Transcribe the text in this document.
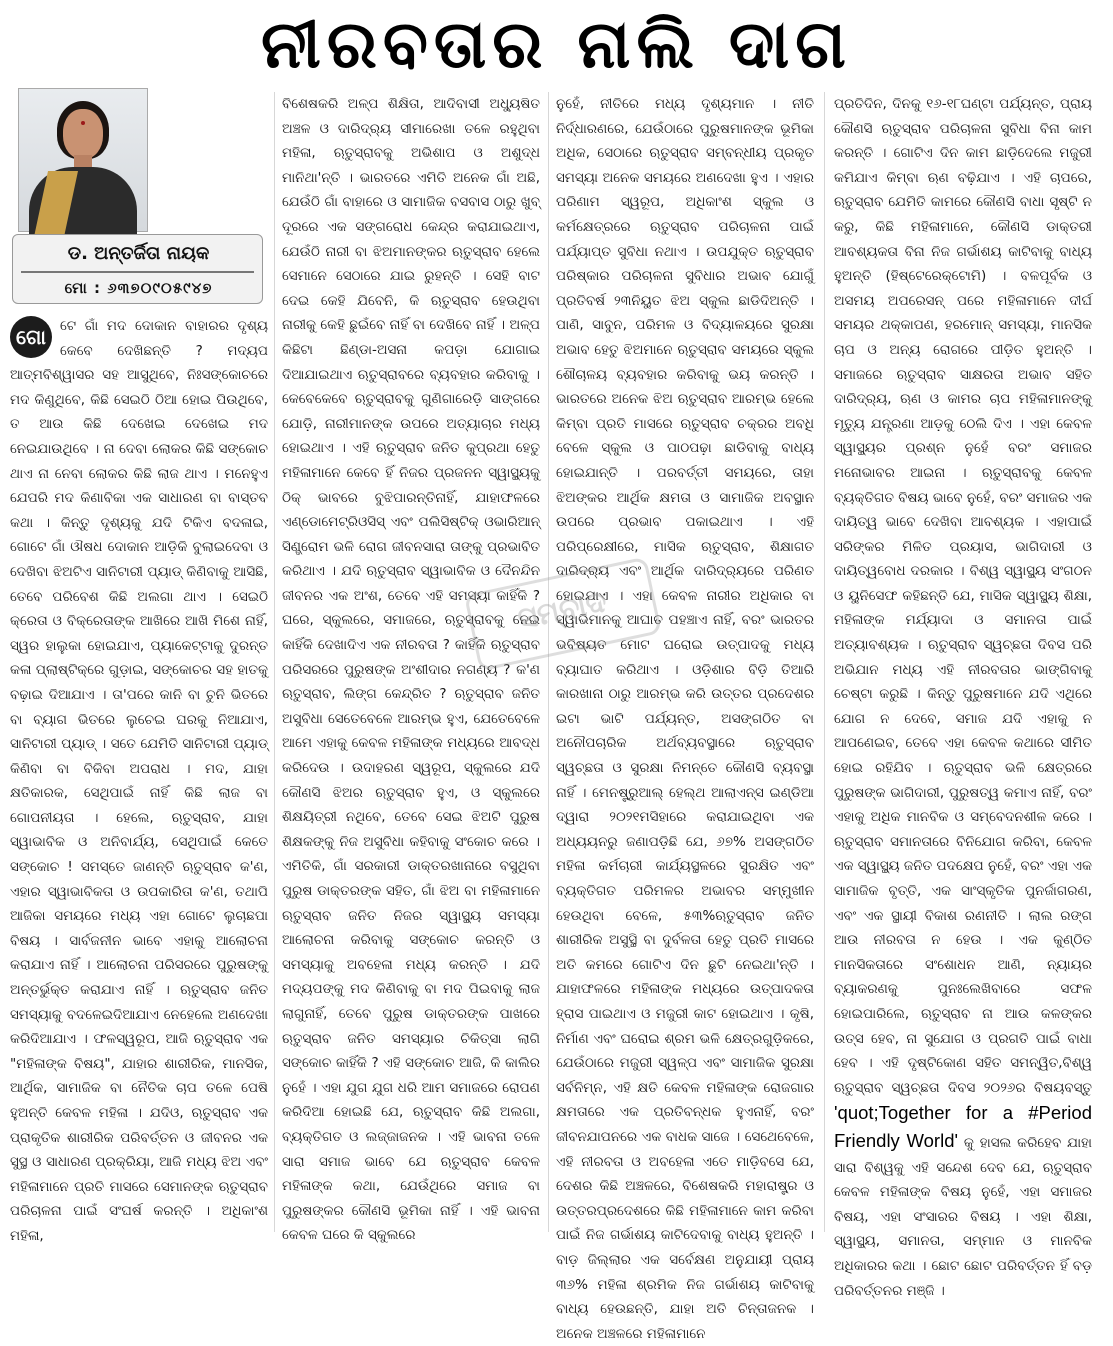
ନୀରବତାର ନାଲି ଦାଗ
ଡ. ଅନ୍ତର୍ଜିତା ନାୟକ
ମୋ : ୬୩୭୦୯୦୫୯୪୭
ଗୋ	ଟେ ଗାଁ ମଦ ଦୋକାନ ବାହାରର ଦୃଶ୍ୟ କେବେ ଦେଖିଛନ୍ତି ? ମଦ୍ୟପ ଆତ୍ମବିଶ୍ୱାସର ସହ ଆସୁଥିବେ, ନିଃସଙ୍କୋଚରେ ମଦ କିଣୁଥିବେ, କିଛି ସେଇଠି ଠିଆ ହୋଇ ପିଉଥିବେ, ତ ଆଉ କିଛି ଦେଖେଇ ଦେଖେଇ ମଦ ନେଇଯାଉଥିବେ । ନା ଦେବା ଲୋକର କିଛି ସଙ୍କୋଚ ଥାଏ ନା ନେବା ଲୋକର କିଛି ଲାଜ ଥାଏ । ମନେହୁଏ ଯେପରି ମଦ କିଣାବିକା ଏକ ସାଧାରଣ ବା ବାସ୍ତବ କଥା । କିନ୍ତୁ ଦୃଶ୍ୟକୁ ଯଦି ଟିକିଏ ବଦଳାଇ, ଗୋଟେ ଗାଁ ଔଷଧ ଦୋକାନ ଆଡ଼ିକି ବୁଲାଇଦେବା ଓ ଦେଖିବା ଝିଅଟିଏ ସାନିଟାରୀ ପ୍ୟାଡ୍ କିଣିବାକୁ ଆସିଛି, ତେବେ ପରିବେଶ କିଛି ଅଲଗା ଥାଏ । ସେଇଠି କ୍ରେତା ଓ ବିକ୍ରେତାଙ୍କ ଆଖିରେ ଆଖି ମିଶେ ନାହିଁ, ସ୍ୱର ହାଲୁକା ହୋଇଯାଏ, ପ୍ୟାକେଟ୍‌ଟାକୁ ଦୁରନ୍ତ କଳା ପ୍ଲାଷ୍ଟିକ୍‌ରେ ଗୁଡ଼ାଇ, ସଙ୍କୋଚର ସହ ହାତକୁ ବଢ଼ାଇ ଦିଆଯାଏ । ତା'ପରେ କାନି ବା ଚୁନି ଭିତରେ ବା ବ୍ୟାଗ ଭିତରେ ଲୁଚେଇ ଘରକୁ ନିଆଯାଏ, ସାନିଟାରୀ ପ୍ୟାଡ୍ । ସତେ ଯେମିତି ସାନିଟାରୀ ପ୍ୟାଡ୍ କିଣିବା ବା ବିକିବା ଅପରାଧ । ମଦ, ଯାହା କ୍ଷତିକାରକ, ସେଥିପାଇଁ ନାହିଁ କିଛି ଲାଜ ବା ଗୋପନୀୟତା । ହେଲେ, ଋତୁସ୍ରାବ, ଯାହା ସ୍ୱାଭାବିକ ଓ ଅନିବାର୍ଯ୍ୟ, ସେଥିପାଇଁ କେତେ ସଙ୍କୋଚ ! ସମସ୍ତେ ଜାଣନ୍ତି ଋତୁସ୍ରାବ କ'ଣ, ଏହାର ସ୍ୱାଭାବିକତା ଓ ଉପକାରିତା କ'ଣ, ତଥାପି ଆଜିକା ସମୟରେ ମଧ୍ୟ ଏହା ଗୋଟେ ଲୁଚାଛପା ବିଷୟ । ସାର୍ବଜନୀନ ଭାବେ ଏହାକୁ ଆଲୋଚନା କରାଯାଏ ନାହିଁ । ଆଲୋଚନା ପରିସରରେ ପୁରୁଷଙ୍କୁ ଅନ୍ତର୍ଭୁକ୍ତ କରାଯାଏ ନାହିଁ । ଋତୁସ୍ରାବ ଜନିତ ସମସ୍ୟାକୁ ବଦଳେଇଦିଆଯାଏ ନେହେଲେ ଅଣଦେଖା କରିଦିଆଯାଏ । ଫଳସ୍ୱରୂପ, ଆଜି ଋତୁସ୍ରାବ ଏକ "ମହିଳାଙ୍କ ବିଷୟ", ଯାହାର ଶାରୀରିକ, ମାନସିକ, ଆର୍ଥିକ, ସାମାଜିକ ବା ନୈତିକ ଚାପ ତଳେ ପେଷି ହୁଅନ୍ତି କେବଳ ମହିଳା । ଯଦିଓ, ଋତୁସ୍ରାବ ଏକ ପ୍ରାକୃତିକ ଶାରୀରିକ ପରିବର୍ତ୍ତନ ଓ ଜୀବନର ଏକ ସୁସ୍ଥ ଓ ସାଧାରଣ ପ୍ରକ୍ରିୟା, ଆଜି ମଧ୍ୟ ଝିଅ ଏବଂ ମହିଳାମାନେ ପ୍ରତି ମାସରେ ସେମାନଙ୍କ ଋତୁସ୍ରାବ ପରିଚାଳନା ପାଇଁ ସଂଘର୍ଷ କରନ୍ତି । ଅଧିକାଂଶ ମହିଳା,
ବିଶେଷକରି ଅଳ୍ପ ଶିକ୍ଷିତା, ଆଦିବାସୀ ଅଧ୍ୟୁଷିତ ଅଞ୍ଚଳ ଓ ଦାରିଦ୍ର୍ୟ ସୀମାରେଖା ତଳେ ରହୁଥିବା ମହିଳା, ଋତୁସ୍ରାବକୁ ଅଭିଶାପ ଓ ଅଶୁଦ୍ଧ ମାନିଥା'ନ୍ତି । ଭାରତରେ ଏମିତି ଅନେକ ଗାଁ ଅଛି, ଯେଉଁଠି ଗାଁ ବାହାରେ ଓ ସାମାଜିକ ବସବାସ ଠାରୁ ଖୁବ୍ ଦୂରରେ ଏକ ସଙ୍ଗରୋଧ କେନ୍ଦ୍ର କରାଯାଇଥାଏ, ଯେଉଁଠି ନାରୀ ବା ଝିଅମାନଙ୍କର ଋତୁସ୍ରାବ ହେଲେ ସେମାନେ ସେଠାରେ ଯାଇ ରୁହନ୍ତି । ସେହି ବାଟ ଦେଇ କେହି ଯିବେନି, କି ଋତୁସ୍ରାବ ହେଉଥିବା ନାରୀକୁ କେହି ଛୁଇଁବେ ନାହିଁ ବା ଦେଖିବେ ନାହିଁ । ଅଳ୍ପ କିଛିଟା ଛିଣ୍ଡା-ଅସନା କପଡ଼ା ଯୋଗାଇ ଦିଆଯାଇଥାଏ ଋତୁସ୍ରାବରେ ବ୍ୟବହାର କରିବାକୁ । କେବେକେବେ ଋତୁସ୍ରାବକୁ ଗୁଣିଗାରେଡ଼ି ସାଙ୍ଗରେ ଯୋଡ଼ି, ନାରୀମାନଙ୍କ ଉପରେ ଅତ୍ୟାଚାର ମଧ୍ୟ ହୋଇଥାଏ । ଏହି ଋତୁସ୍ରାବ ଜନିତ କୁପ୍ରଥା ହେତୁ ମହିଳାମାନେ କେବେ ହିଁ ନିଜର ପ୍ରଜନନ ସ୍ୱାସ୍ଥ୍ୟକୁ ଠିକ୍ ଭାବରେ ବୁଝିପାରନ୍ତିନାହିଁ, ଯାହାଫଳରେ ଏଣ୍ଡୋମେଟ୍ରିଓସିସ୍ ଏବଂ ପଲିସିଷ୍ଟିକ୍ ଓଭାରିଆନ୍ ସିଣ୍ଡ୍ରୋମ ଭଳି ରୋଗ ଜୀବନସାରା ତାଙ୍କୁ ପ୍ରଭାବିତ କରିଥାଏ । ଯଦି ଋତୁସ୍ରାବ ସ୍ୱାଭାବିକ ଓ ଦୈନନ୍ଦିନ ଜୀବନର ଏକ ଅଂଶ, ତେବେ ଏହି ସମସ୍ୟା କାହିଁକି ? ଘରେ, ସ୍କୁଲରେ, ସମାଜରେ, ଋତୁସ୍ରାବକୁ ନେଇ କାହିଁକି ଦେଖାଦିଏ ଏକ ନୀରବତା ? କାହିଁକି ଋତୁସ୍ରାବ ପରିସରରେ ପୁରୁଷଙ୍କ ଅଂଶୀଦାର ନଗଣ୍ୟ ? କ'ଣ ଋତୁସ୍ରାବ, ଲିଙ୍ଗ କେନ୍ଦ୍ରିତ ? ଋତୁସ୍ରାବ ଜନିତ ଅସୁବିଧା ସେତେବେଳେ ଆରମ୍ଭ ହୁଏ, ଯେତେବେଳେ ଆମେ ଏହାକୁ କେବଳ ମହିଳାଙ୍କ ମଧ୍ୟରେ ଆବଦ୍ଧ କରିଦେଉ । ଉଦାହରଣ ସ୍ୱରୂପ, ସ୍କୁଲରେ ଯଦି କୌଣସି ଝିଅର ଋତୁସ୍ରାବ ହୁଏ, ଓ ସ୍କୁଲରେ ଶିକ୍ଷୟିତ୍ରୀ ନଥିବେ, ତେବେ ସେଇ ଝିଅଟି ପୁରୁଷ ଶିକ୍ଷକଙ୍କୁ ନିଜ ଅସୁବିଧା କହିବାକୁ ସଂକୋଚ କରେ । ଏମିତିକି, ଗାଁ ସରକାରୀ ଡାକ୍ତରଖାନାରେ ବସୁଥିବା ପୁରୁଷ ଡାକ୍ତରଙ୍କ ସହିତ, ଗାଁ ଝିଅ ବା ମହିଳାମାନେ ଋତୁସ୍ରାବ ଜନିତ ନିଜର ସ୍ୱାସ୍ଥ୍ୟ ସମସ୍ୟା ଆଲୋଚନା କରିବାକୁ ସଙ୍କୋଚ କରନ୍ତି ଓ ସମସ୍ୟାକୁ ଅବହେଳା ମଧ୍ୟ କରନ୍ତି । ଯଦି ମଦ୍ୟପଙ୍କୁ ମଦ କିଣିବାକୁ ବା ମଦ ପିଇବାକୁ ଲାଜ ଲାଗୁନାହିଁ, ତେବେ ପୁରୁଷ ଡାକ୍ତରଙ୍କ ପାଖରେ ଋତୁସ୍ରାବ ଜନିତ ସମସ୍ୟାର ଚିକିତ୍ସା ଲାଗି ସଙ୍କୋଚ କାହିଁକି ? ଏହି ସଙ୍କୋଚ ଆଜି, କି କାଲିର ନୁହେଁ । ଏହା ଯୁଗ ଯୁଗ ଧରି ଆମ ସମାଜରେ ରୋପଣ କରିଦିଆ ହୋଇଛି ଯେ, ଋତୁସ୍ରାବ କିଛି ଅଲଗା, ବ୍ୟକ୍ତିଗତ ଓ ଲଜ୍ଜାଜନକ । ଏହି ଭାବନା ତଳେ ସାରା ସମାଜ ଭାବେ ଯେ ଋତୁସ୍ରାବ କେବଳ ମହିଳାଙ୍କ କଥା, ଯେଉଁଥିରେ ସମାଜ ବା ପୁରୁଷଙ୍କର କୌଣସି ଭୂମିକା ନାହିଁ । ଏହି ଭାବନା କେବଳ ଘରେ କି ସ୍କୁଲରେ
ନୁହେଁ, ନୀତିରେ ମଧ୍ୟ ଦୃଶ୍ୟମାନ । ନୀତି ନିର୍ଦ୍ଧାରଣରେ, ଯେଉଁଠାରେ ପୁରୁଷମାନଙ୍କ ଭୂମିକା ଅଧିକ, ସେଠାରେ ଋତୁସ୍ରାବ ସମ୍ବନ୍ଧୀୟ ପ୍ରକୃତ ସମସ୍ୟା ଅନେକ ସମୟରେ ଅଣଦେଖା ହୁଏ । ଏହାର ପରିଣାମ ସ୍ୱରୂପ, ଅଧିକାଂଶ ସ୍କୁଲ ଓ କର୍ମକ୍ଷେତ୍ରରେ ଋତୁସ୍ରାବ ପରିଚାଳନା ପାଇଁ ପର୍ଯ୍ୟାପ୍ତ ସୁବିଧା ନଥାଏ । ଉପଯୁକ୍ତ ଋତୁସ୍ରାବ ପରିଷ୍କାର ପରିଚାଳନା ସୁବିଧାର ଅଭାବ ଯୋଗୁଁ ପ୍ରତିବର୍ଷ ୨୩ନିୟୁତ ଝିଅ ସ୍କୁଲ ଛାଡିଦିଅନ୍ତି । ପାଣି, ସାବୁନ, ପରିମଳ ଓ ବିଦ୍ୟାଳୟରେ ସୁରକ୍ଷା ଅଭାବ ହେତୁ ଝିଅମାନେ ଋତୁସ୍ରାବ ସମୟରେ ସ୍କୁଲ ଶୌଚାଳୟ ବ୍ୟବହାର କରିବାକୁ ଭୟ କରନ୍ତି । ଭାରତରେ ଅନେକ ଝିଅ ଋତୁସ୍ରାବ ଆରମ୍ଭ ହେଲେ କିମ୍ବା ପ୍ରତି ମାସରେ ଋତୁସ୍ରାବ ଚକ୍ରର ଅବଧି ବେଳେ ସ୍କୁଲ ଓ ପାଠପଢ଼ା ଛାଡିବାକୁ ବାଧ୍ୟ ହୋଇଯାନ୍ତି । ପରବର୍ତ୍ତୀ ସମୟରେ, ତାହା ଝିଅଙ୍କର ଆର୍ଥିକ କ୍ଷମତା ଓ ସାମାଜିକ ଅବସ୍ଥାନ ଉପରେ ପ୍ରଭାବ ପକାଇଥାଏ । ଏହି ପରିପ୍ରେକ୍ଷୀରେ, ମାସିକ ଋତୁସ୍ରାବ, ଶିକ୍ଷାଗତ ଦାରିଦ୍ର୍ୟ ଏବଂ ଆର୍ଥିକ ଦାରିଦ୍ର୍ୟରେ ପରିଣତ ହୋଇଯାଏ । ଏହା କେବଳ ନାରୀର ଅଧିକାର ବା ସ୍ୱାଭିମାନକୁ ଆଘାତ ପହଞ୍ଚାଏ ନାହିଁ, ବରଂ ଭାରତର ଭବିଷ୍ୟତ ମୋଟ ଘରୋଇ ଉତ୍ପାଦକୁ ମଧ୍ୟ ବ୍ୟାଘାତ କରିଥାଏ । ଓଡ଼ିଶାର ବିଡ଼ି ତିଆରି କାରଖାନା ଠାରୁ ଆରମ୍ଭ କରି ଉତ୍ତର ପ୍ରଦେଶର ଇଟା ଭାଟି ପର୍ଯ୍ୟନ୍ତ, ଅସଙ୍ଗଠିତ ବା ଅନୌପଚାରିକ ଅର୍ଥବ୍ୟବସ୍ଥାରେ ଋତୁସ୍ରାବ ସ୍ୱଚ୍ଛତା ଓ ସୁରକ୍ଷା ନିମନ୍ତେ କୌଣସି ବ୍ୟବସ୍ଥା ନାହିଁ । ମେନଷ୍ଟ୍ରୁଆଲ୍ ହେଲ୍ଥ ଆଲାଏନ୍ସ ଇଣ୍ଡିଆ ଦ୍ୱାରା ୨୦୨୧ମସିହାରେ କରାଯାଇଥିବା ଏକ ଅଧ୍ୟୟନରୁ ଜଣାପଡ଼ିଛି ଯେ, ୬୭% ଅସଙ୍ଗଠିତ ମହିଳା କର୍ମଚାରୀ କାର୍ଯ୍ୟସ୍ଥଳରେ ସୁରକ୍ଷିତ ଏବଂ ବ୍ୟକ୍ତିଗତ ପରିମଳର ଅଭାବର ସମ୍ମୁଖୀନ ହେଉଥିବା ବେଳେ, ୫୩%ଋତୁସ୍ରାବ ଜନିତ ଶାରୀରିକ ଅସୁସ୍ଥି ବା ଦୁର୍ବଳତା ହେତୁ ପ୍ରତି ମାସରେ ଅତି କମରେ ଗୋଟିଏ ଦିନ ଛୁଟି ନେଇଥା'ନ୍ତି । ଯାହାଫଳରେ ମହିଳାଙ୍କ ମଧ୍ୟରେ ଉତ୍ପାଦକତା ହ୍ରାସ ପାଇଥାଏ ଓ ମଜୁରୀ କାଟ ହୋଇଥାଏ । କୃଷି, ନିର୍ମାଣ ଏବଂ ଘରୋଇ ଶ୍ରମ ଭଳି କ୍ଷେତ୍ରଗୁଡ଼ିକରେ, ଯେଉଁଠାରେ ମଜୁରୀ ସ୍ୱଳ୍ପ ଏବଂ ସାମାଜିକ ସୁରକ୍ଷା ସର୍ବନିମ୍ନ, ଏହି କ୍ଷତି କେବଳ ମହିଳାଙ୍କ ରୋଜଗାର କ୍ଷମତାରେ ଏକ ପ୍ରତିବନ୍ଧକ ହୁଏନାହିଁ, ବରଂ ଜୀବନଯାପନରେ ଏକ ବାଧକ ସାଜେ । ସେଥେବେଳେ, ଏହି ନୀରବତା ଓ ଅବହେଳା ଏତେ ମାଡ଼ିବସେ ଯେ, ଦେଶର କିଛି ଅଞ୍ଚଳରେ, ବିଶେଷକରି ମହାରାଷ୍ଟ୍ର ଓ ଉତ୍ତରପ୍ରଦେଶରେ କିଛି ମହିଳାମାନେ କାମ କରିବା ପାଇଁ ନିଜ ଗର୍ଭାଶୟ କାଟିଦେବାକୁ ବାଧ୍ୟ ହୁଅନ୍ତି । ବାଡ଼ ଜିଲ୍ଲାର ଏକ ସର୍ବେକ୍ଷଣ ଅନୁଯାୟୀ ପ୍ରାୟ ୩୬% ମହିଳା ଶ୍ରମିକ ନିଜ ଗର୍ଭାଶୟ କାଟିବାକୁ ବାଧ୍ୟ ହେଉଛନ୍ତି, ଯାହା ଅତି ଚିନ୍ତାଜନକ । ଅନେକ ଅଞ୍ଚଳରେ ମହିଳାମାନେ
ପ୍ରତିଦିନ, ଦିନକୁ ୧୬-୧୮ଘଣ୍ଟା ପର୍ଯ୍ୟନ୍ତ, ପ୍ରାୟ କୌଣସି ଋତୁସ୍ରାବ ପରିଚାଳନା ସୁବିଧା ବିନା କାମ କରନ୍ତି । ଗୋଟିଏ ଦିନ କାମ ଛାଡ଼ିଦେଲେ ମଜୁରୀ କମିଯାଏ କିମ୍ବା ଋଣ ବଢ଼ିଯାଏ । ଏହି ଚାପରେ, ଋତୁସ୍ରାବ ଯେମିତି କାମରେ କୌଣସି ବାଧା ସୃଷ୍ଟି ନ କରୁ, କିଛି ମହିଳାମାନେ, କୌଣସି ଡାକ୍ତରୀ ଆବଶ୍ୟକତା ବିନା ନିଜ ଗର୍ଭାଶୟ କାଟିବାକୁ ବାଧ୍ୟ ହୁଅନ୍ତି (ହିଷ୍ଟେରେକ୍ଟୋମି) । ବଳପୂର୍ବକ ଓ ଅସମୟ ଅପରେସନ୍ ପରେ ମହିଳାମାନେ ଦୀର୍ଘ ସମୟର ଥକ୍କାପଣ, ହରମୋନ୍ ସମସ୍ୟା, ମାନସିକ ଚାପ ଓ ଅନ୍ୟ ରୋଗରେ ପୀଡ଼ିତ ହୁଅନ୍ତି । ସମାଜରେ ଋତୁସ୍ରାବ ସାକ୍ଷରତା ଅଭାବ ସହିତ ଦାରିଦ୍ର୍ୟ, ଋଣ ଓ କାମର ଚାପ ମହିଳାମାନଙ୍କୁ ମୃତ୍ୟୁ ଯନ୍ତ୍ରଣା ଆଡ଼କୁ ଠେଲି ଦିଏ । ଏହା କେବଳ ସ୍ୱାସ୍ଥ୍ୟର ପ୍ରଶ୍ନ ନୁହେଁ ବରଂ ସମାଜର ମନୋଭାବର ଆଇନା । ଋତୁସ୍ରାବକୁ କେବଳ ବ୍ୟକ୍ତିଗତ ବିଷୟ ଭାବେ ନୁହେଁ, ବରଂ ସମାଜର ଏକ ଦାୟିତ୍ୱ ଭାବେ ଦେଖିବା ଆବଶ୍ୟକ । ଏହାପାଇଁ ସରିଙ୍କର ମିଳିତ ପ୍ରୟାସ, ଭାଗିଦାରୀ ଓ ଦାୟିତ୍ୱବୋଧ ଦରକାର । ବିଶ୍ୱ ସ୍ୱାସ୍ଥ୍ୟ ସଂଗଠନ ଓ ୟୁନିସେଫ କହିଛନ୍ତି ଯେ, ମାସିକ ସ୍ୱାସ୍ଥ୍ୟ ଶିକ୍ଷା, ମହିଳାଙ୍କ ମର୍ଯ୍ୟାଦା ଓ ସମାନତା ପାଇଁ ଅତ୍ୟାବଶ୍ୟକ । ଋତୁସ୍ରାବ ସ୍ୱଚ୍ଛତା ଦିବସ ପରି ଅଭିଯାନ ମଧ୍ୟ ଏହି ନୀରବତାର ଭାଙ୍ଗିବାକୁ ଚେଷ୍ଟା କରୁଛି । କିନ୍ତୁ ପୁରୁଷମାନେ ଯଦି ଏଥିରେ ଯୋଗ ନ ଦେବେ, ସମାଜ ଯଦି ଏହାକୁ ନ ଆପଣେଇବ, ତେବେ ଏହା କେବଳ କଥାରେ ସୀମିତ ହୋଇ ରହିଯିବ । ଋତୁସ୍ରାବ ଭଳି କ୍ଷେତ୍ରରେ ପୁରୁଷଙ୍କ ଭାଗିଦାରୀ, ପୁରୁଷତ୍ୱ କମାଏ ନାହିଁ, ବରଂ ଏହାକୁ ଅଧିକ ମାନବିକ ଓ ସମ୍ବେଦନଶୀଳ କରେ । ଋତୁସ୍ରାବ ସମାନତାରେ ବିନିଯୋଗ କରିବା, କେବଳ ଏକ ସ୍ୱାସ୍ଥ୍ୟ ଜନିତ ପଦକ୍ଷେପ ନୁହେଁ, ବରଂ ଏହା ଏକ ସାମାଜିକ ବୃତ୍ତି, ଏକ ସାଂସ୍କୃତିକ ପୁନର୍ଜାଗରଣ, ଏବଂ ଏକ ସ୍ଥାୟୀ ବିକାଶ ରଣନୀତି । ଲାଲ ରଙ୍ଗ ଆଉ ନୀରବତା ନ ହେଉ । ଏକ କୁଣ୍ଠିତ ମାନସିକତାରେ ସଂଶୋଧନ ଆଣି, ନ୍ୟାୟର ବ୍ୟାକରଣକୁ ପୁନଃଲେଖିବାରେ ସଫଳ ହୋଇପାରିଲେ, ଋତୁସ୍ରାବ ନା ଆଉ କଳଙ୍କର ଉତ୍ସ ହେବ, ନା ସୁଯୋଗ ଓ ପ୍ରଗତି ପାଇଁ ବାଧା ହେବ । ଏହି ଦୃଷ୍ଟିକୋଣ ସହିତ ସମନ୍ୱିତ,ବିଶ୍ୱ ଋତୁସ୍ରାବ ସ୍ୱଚ୍ଛତା ଦିବସ ୨୦୨୬ର ବିଷୟବସ୍ତୁ 'quot;Together for a #Period Friendly World' କୁ ହାସଲ କରିହେବ ଯାହା ସାରା ବିଶ୍ୱକୁ ଏହି ସନ୍ଦେଶ ଦେବ ଯେ, ଋତୁସ୍ରାବ କେବଳ ମହିଳାଙ୍କ ବିଷୟ ନୁହେଁ, ଏହା ସମାଜର ବିଷୟ, ଏହା ସଂସାରର ବିଷୟ । ଏହା ଶିକ୍ଷା, ସ୍ୱାସ୍ଥ୍ୟ, ସମାନତା, ସମ୍ମାନ ଓ ମାନବିକ ଅଧିକାରର କଥା । ଛୋଟ ଛୋଟ ପରିବର୍ତ୍ତନ ହିଁ ବଡ଼ ପରିବର୍ତ୍ତନର ମଞ୍ଜି ।
ସମ୍ବାଦ
